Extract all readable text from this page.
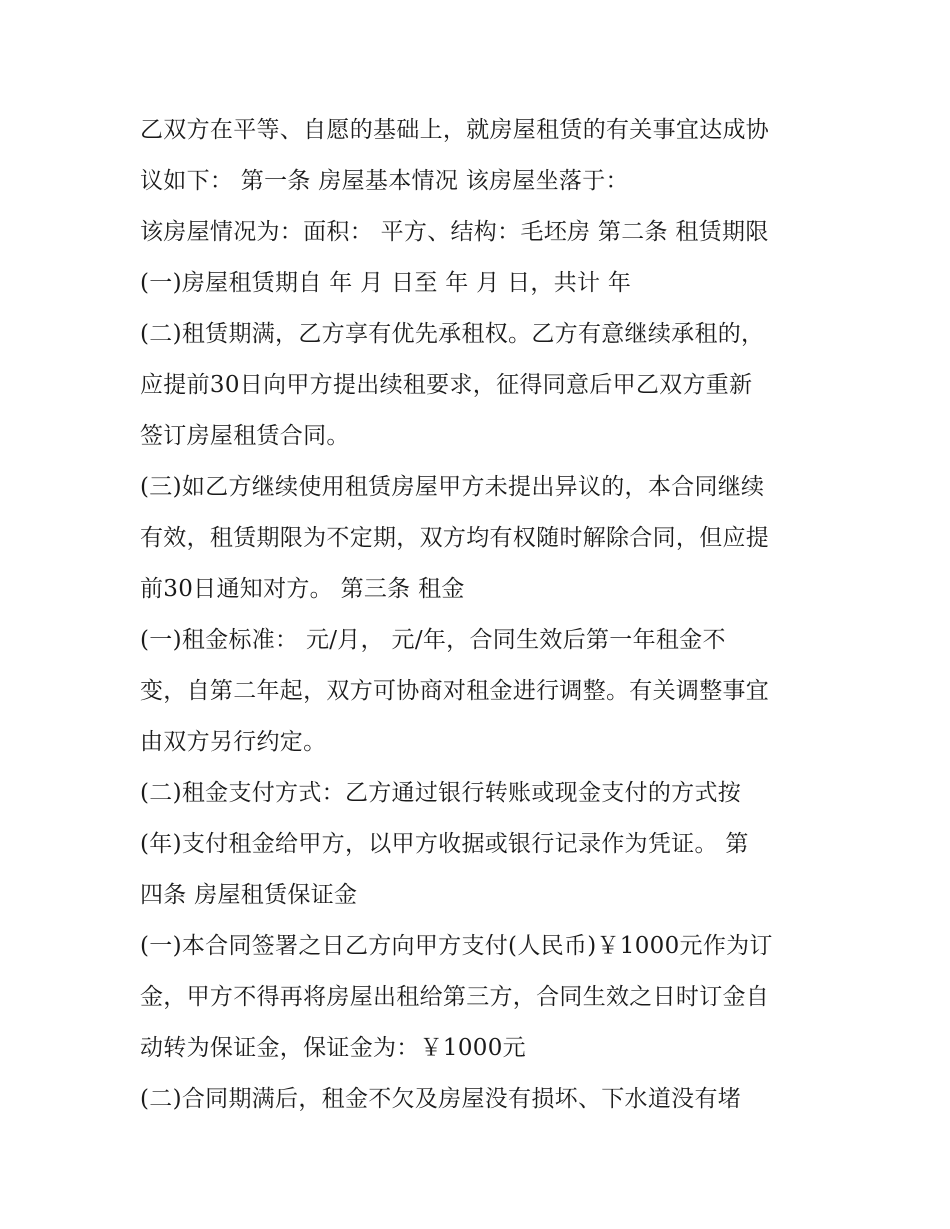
乙双方在平等、自愿的基础上，就房屋租赁的有关事宜达成协
议如下： 第一条 房屋基本情况 该房屋坐落于：
该房屋情况为：面积： 平方、结构：毛坯房 第二条 租赁期限
(一)房屋租赁期自 年 月 日至 年 月 日，共计 年
(二)租赁期满，乙方享有优先承租权。乙方有意继续承租的，
应提前30日向甲方提出续租要求，征得同意后甲乙双方重新
签订房屋租赁合同。
(三)如乙方继续使用租赁房屋甲方未提出异议的，本合同继续
有效，租赁期限为不定期，双方均有权随时解除合同，但应提
前30日通知对方。 第三条 租金
(一)租金标准： 元/月， 元/年，合同生效后第一年租金不
变，自第二年起，双方可协商对租金进行调整。有关调整事宜
由双方另行约定。
(二)租金支付方式：乙方通过银行转账或现金支付的方式按
(年)支付租金给甲方，以甲方收据或银行记录作为凭证。 第
四条 房屋租赁保证金
(一)本合同签署之日乙方向甲方支付(人民币)￥1000元作为订
金，甲方不得再将房屋出租给第三方，合同生效之日时订金自
动转为保证金，保证金为：￥1000元
(二)合同期满后，租金不欠及房屋没有损坏、下水道没有堵
